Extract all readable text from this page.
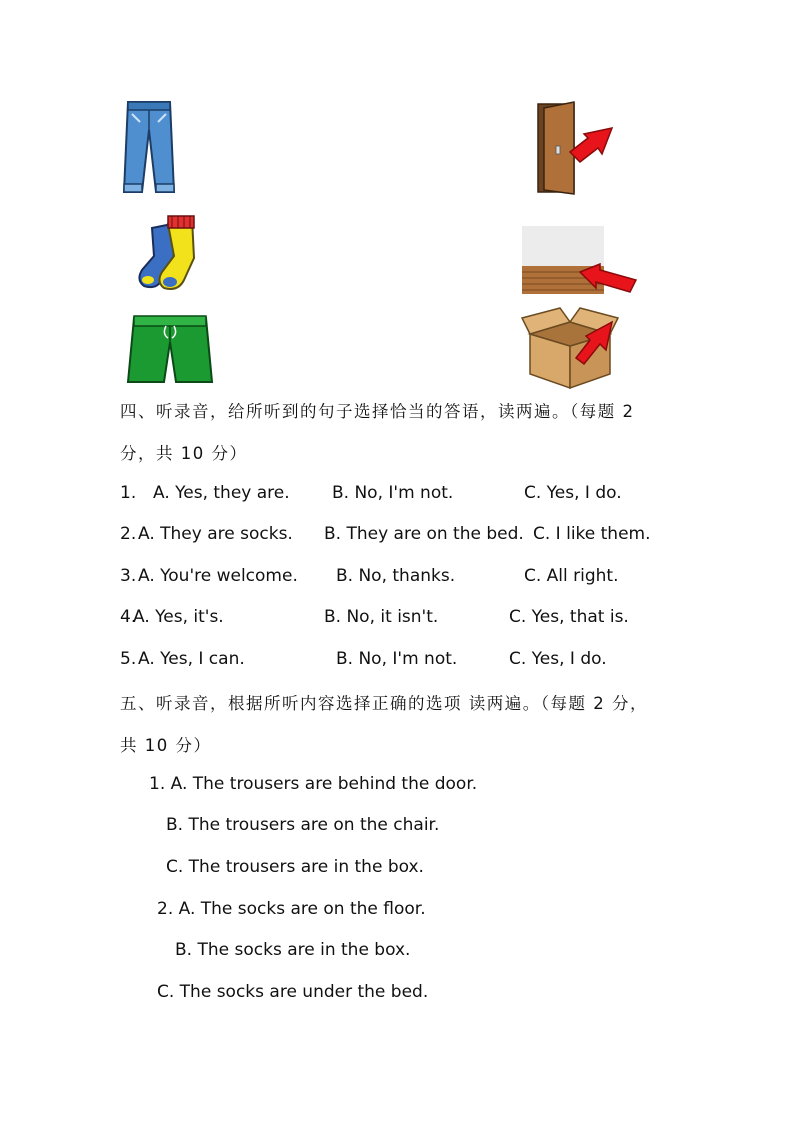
四、听录音，给所听到的句子选择恰当的答语，读两遍。（每题 2
分，共 10 分）
1. A. Yes, they are. B. No, I'm not.	C. Yes, I do.
2. A. They are socks. B. They are on the bed. C. I like them.
3. A. You're welcome. B. No, thanks.	C. All right.
4.
A. Yes, it's.	B. No, it isn't.	C. Yes, that is.
5. A. Yes, I can.	B. No, I'm not.	C. Yes, I do.
五、听录音，根据所听内容选择正确的选项 读两遍。（每题 2 分，
共 10 分）
1. A. The trousers are behind the door.
B. The trousers are on the chair.
C. The trousers are in the box.
2. A. The socks are on the floor.
B. The socks are in the box.
C. The socks are under the bed.
